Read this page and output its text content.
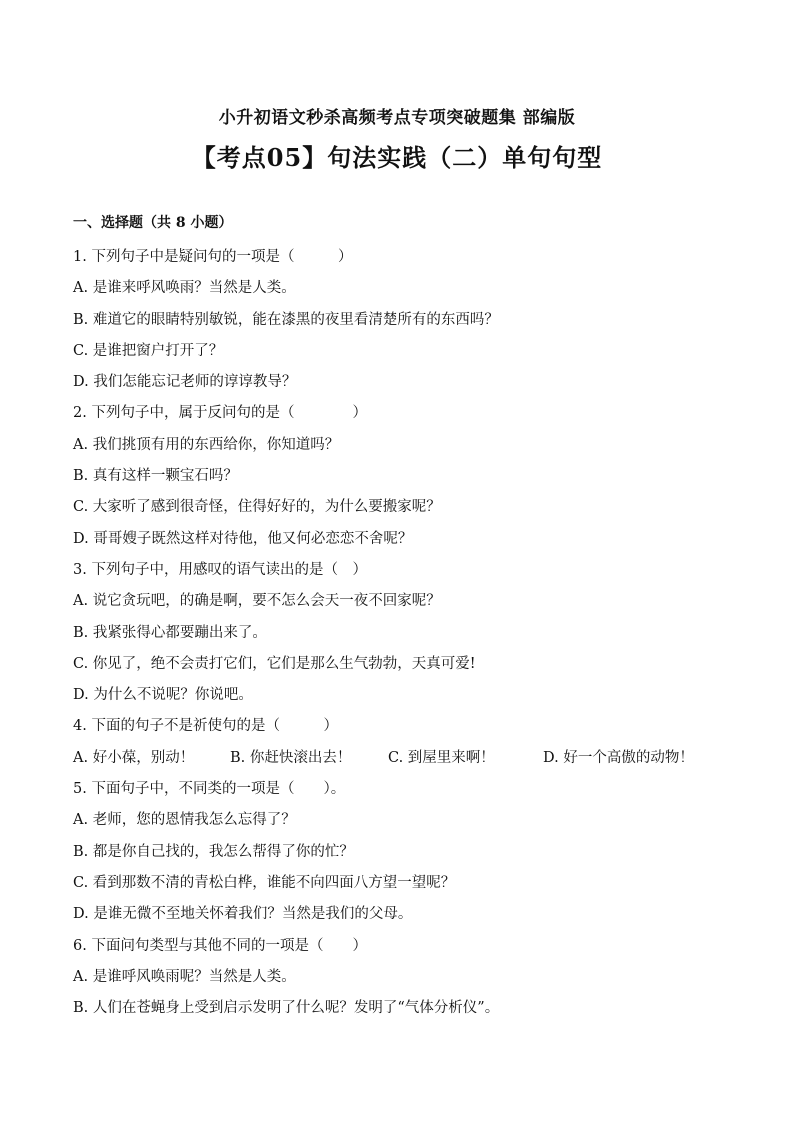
小升初语文秒杀高频考点专项突破题集 部编版
【考点05】句法实践（二）单句句型
一、选择题（共 8 小题）
1. 下列句子中是疑问句的一项是（　　　）
A. 是谁来呼风唤雨？当然是人类。
B. 难道它的眼睛特别敏锐，能在漆黑的夜里看清楚所有的东西吗？
C. 是谁把窗户打开了？
D. 我们怎能忘记老师的谆谆教导？
2. 下列句子中，属于反问句的是（　　　　）
A. 我们挑顶有用的东西给你，你知道吗？
B. 真有这样一颗宝石吗？
C. 大家听了感到很奇怪，住得好好的，为什么要搬家呢？
D. 哥哥嫂子既然这样对待他，他又何必恋恋不舍呢？
3. 下列句子中，用感叹的语气读出的是（　）
A. 说它贪玩吧，的确是啊，要不怎么会天一夜不回家呢？
B. 我紧张得心都要蹦出来了。
C. 你见了，绝不会责打它们，它们是那么生气勃勃，天真可爱!
D. 为什么不说呢？你说吧。
4. 下面的句子不是祈使句的是（　　　）
A. 好小葆，别动！	B. 你赶快滚出去！	C. 到屋里来啊！	D. 好一个高傲的动物！
5. 下面句子中，不同类的一项是（　　）。
A. 老师，您的恩情我怎么忘得了？
B. 都是你自己找的，我怎么帮得了你的忙？
C. 看到那数不清的青松白桦，谁能不向四面八方望一望呢？
D. 是谁无微不至地关怀着我们？当然是我们的父母。
6. 下面问句类型与其他不同的一项是（　　）
A. 是谁呼风唤雨呢？当然是人类。
B. 人们在苍蝇身上受到启示发明了什么呢？发明了“气体分析仪”。
